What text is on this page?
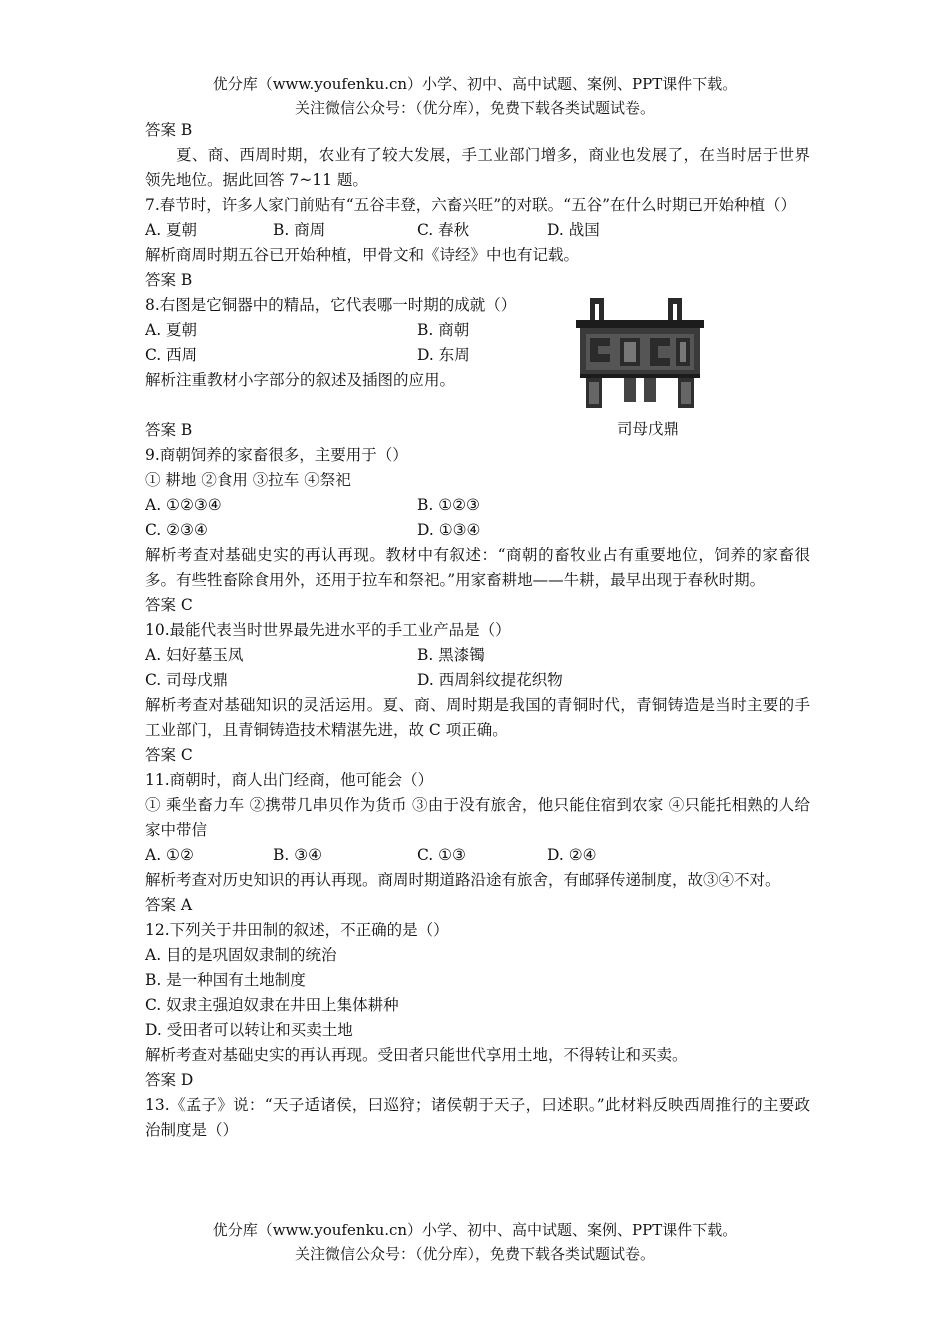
优分库（www.youfenku.cn）小学、初中、高中试题、案例、PPT课件下载。
关注微信公众号：（优分库），免费下载各类试题试卷。
答案 B
夏、商、西周时期，农业有了较大发展，手工业部门增多，商业也发展了，在当时居于世界领先地位。据此回答 7~11 题。
7.春节时，许多人家门前贴有“五谷丰登，六畜兴旺”的对联。“五谷”在什么时期已开始种植（）
A. 夏朝	B. 商周	C. 春秋	D. 战国
解析商周时期五谷已开始种植，甲骨文和《诗经》中也有记载。
答案 B
8.右图是它铜器中的精品，它代表哪一时期的成就（）
A. 夏朝	B. 商朝
C. 西周	D. 东周
解析注重教材小字部分的叙述及插图的应用。
答案 B
9.商朝饲养的家畜很多，主要用于（）
① 耕地 ②食用 ③拉车 ④祭祀
A. ①②③④	B. ①②③
C. ②③④	D. ①③④
解析考查对基础史实的再认再现。教材中有叙述：“商朝的畜牧业占有重要地位，饲养的家畜很多。有些牲畜除食用外，还用于拉车和祭祀。”用家畜耕地——牛耕，最早出现于春秋时期。
答案 C
10.最能代表当时世界最先进水平的手工业产品是（）
A. 妇好墓玉凤	B. 黑漆镯
C. 司母戊鼎	D. 西周斜纹提花织物
解析考查对基础知识的灵活运用。夏、商、周时期是我国的青铜时代，青铜铸造是当时主要的手工业部门，且青铜铸造技术精湛先进，故 C 项正确。
答案 C
11.商朝时，商人出门经商，他可能会（）
① 乘坐畜力车 ②携带几串贝作为货币 ③由于没有旅舍，他只能住宿到农家 ④只能托相熟的人给家中带信
A. ①②	B. ③④	C. ①③	D. ②④
解析考查对历史知识的再认再现。商周时期道路沿途有旅舍，有邮驿传递制度，故③④不对。
答案 A
12.下列关于井田制的叙述，不正确的是（）
A. 目的是巩固奴隶制的统治
B. 是一种国有土地制度
C. 奴隶主强迫奴隶在井田上集体耕种
D. 受田者可以转让和买卖土地
解析考查对基础史实的再认再现。受田者只能世代享用土地，不得转让和买卖。
答案 D
13.《孟子》说：“天子适诸侯，曰巡狩；诸侯朝于天子，曰述职。”此材料反映西周推行的主要政治制度是（）
司母戊鼎
优分库（www.youfenku.cn）小学、初中、高中试题、案例、PPT课件下载。
关注微信公众号：（优分库），免费下载各类试题试卷。
